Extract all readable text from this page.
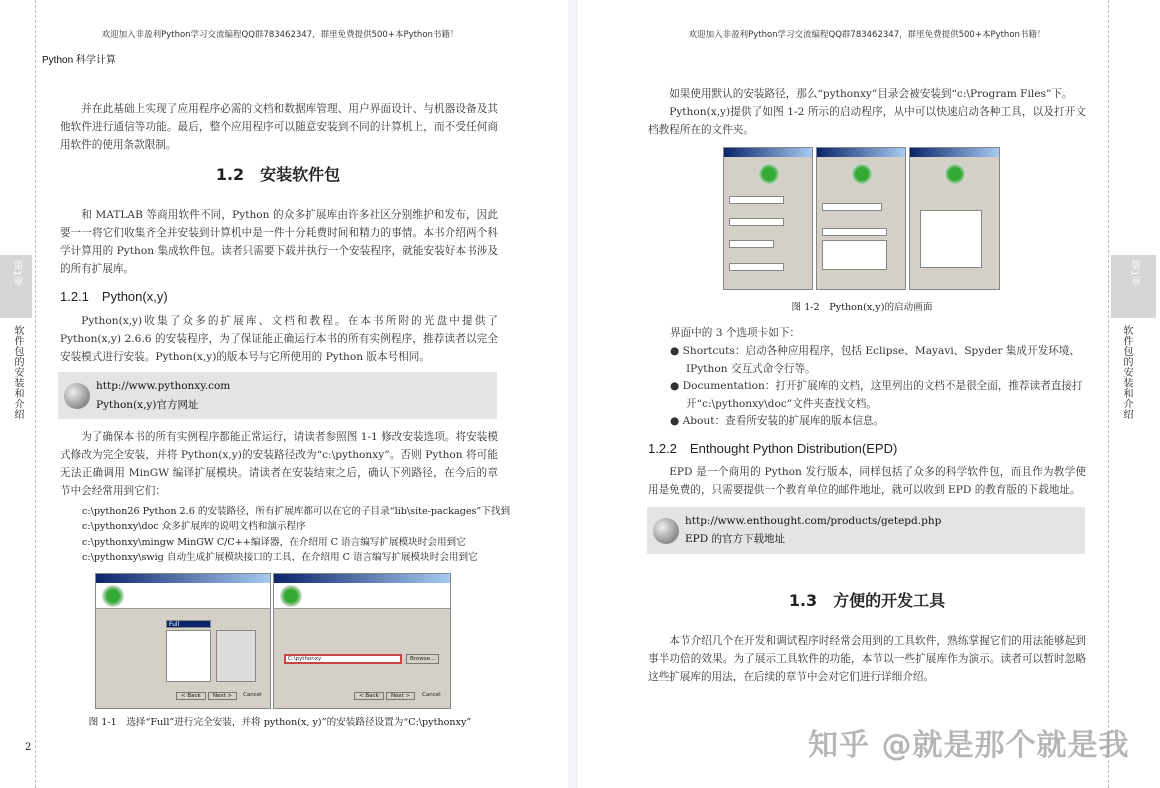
欢迎加入非盈利Python学习交流编程QQ群783462347，群里免费提供500+本Python书籍！
Python 科学计算
并在此基础上实现了应用程序必需的文档和数据库管理、用户界面设计、与机器设备及其他软件进行通信等功能。最后，整个应用程序可以随意安装到不同的计算机上，而不受任何商用软件的使用条款限制。
1.2　安装软件包
和 MATLAB 等商用软件不同，Python 的众多扩展库由许多社区分别维护和发布，因此要一一将它们收集齐全并安装到计算机中是一件十分耗费时间和精力的事情。本书介绍两个科学计算用的 Python 集成软件包。读者只需要下载并执行一个安装程序，就能安装好本书涉及的所有扩展库。
1.2.1　Python(x,y)
Python(x,y)收集了众多的扩展库、文档和教程。在本书所附的光盘中提供了 Python(x,y) 2.6.6 的安装程序，为了保证能正确运行本书的所有实例程序，推荐读者以完全安装模式进行安装。Python(x,y)的版本号与它所使用的 Python 版本号相同。
http://www.pythonxy.com
Python(x,y)官方网址
为了确保本书的所有实例程序都能正常运行，请读者参照图 1-1 修改安装选项。将安装模式修改为完全安装，并将 Python(x,y)的安装路径改为“c:\pythonxy”。否则 Python 将可能无法正确调用 MinGW 编译扩展模块。请读者在安装结束之后，确认下列路径，在今后的章节中会经常用到它们：
c:\python26 Python 2.6 的安装路径，所有扩展库都可以在它的子目录“lib\site-packages”下找到
c:\pythonxy\doc 众多扩展库的说明文档和演示程序
c:\pythonxy\mingw MinGW C/C++编译器，在介绍用 C 语言编写扩展模块时会用到它
c:\pythonxy\swig 自动生成扩展模块接口的工具，在介绍用 C 语言编写扩展模块时会用到它
Full
< Back	Next >	Cancel
C:\pythonxy	Browse...
< Back	Next >	Cancel
图 1-1　选择“Full”进行完全安装，并将 python(x, y)”的安装路径设置为“C:\pythonxy”
2
第1章
软件包的安装和介绍
欢迎加入非盈利Python学习交流编程QQ群783462347，群里免费提供500+本Python书籍！
如果使用默认的安装路径，那么“pythonxy”目录会被安装到“c:\Program Files”下。
Python(x,y)提供了如图 1-2 所示的启动程序，从中可以快速启动各种工具，以及打开文档教程所在的文件夹。
图 1-2　Python(x,y)的启动画面
界面中的 3 个选项卡如下：
● Shortcuts：启动各种应用程序，包括 Eclipse、Mayavi、Spyder 集成开发环境、IPython 交互式命令行等。
● Documentation：打开扩展库的文档，这里列出的文档不是很全面，推荐读者直接打开“c:\pythonxy\doc”文件夹查找文档。
● About：查看所安装的扩展库的版本信息。
1.2.2　Enthought Python Distribution(EPD)
EPD 是一个商用的 Python 发行版本，同样包括了众多的科学软件包，而且作为教学使用是免费的，只需要提供一个教育单位的邮件地址，就可以收到 EPD 的教育版的下载地址。
http://www.enthought.com/products/getepd.php
EPD 的官方下载地址
1.3　方便的开发工具
本节介绍几个在开发和调试程序时经常会用到的工具软件，熟练掌握它们的用法能够起到事半功倍的效果。为了展示工具软件的功能，本节以一些扩展库作为演示。读者可以暂时忽略这些扩展库的用法，在后续的章节中会对它们进行详细介绍。
第1章
软件包的安装和介绍
知乎 @就是那个就是我
